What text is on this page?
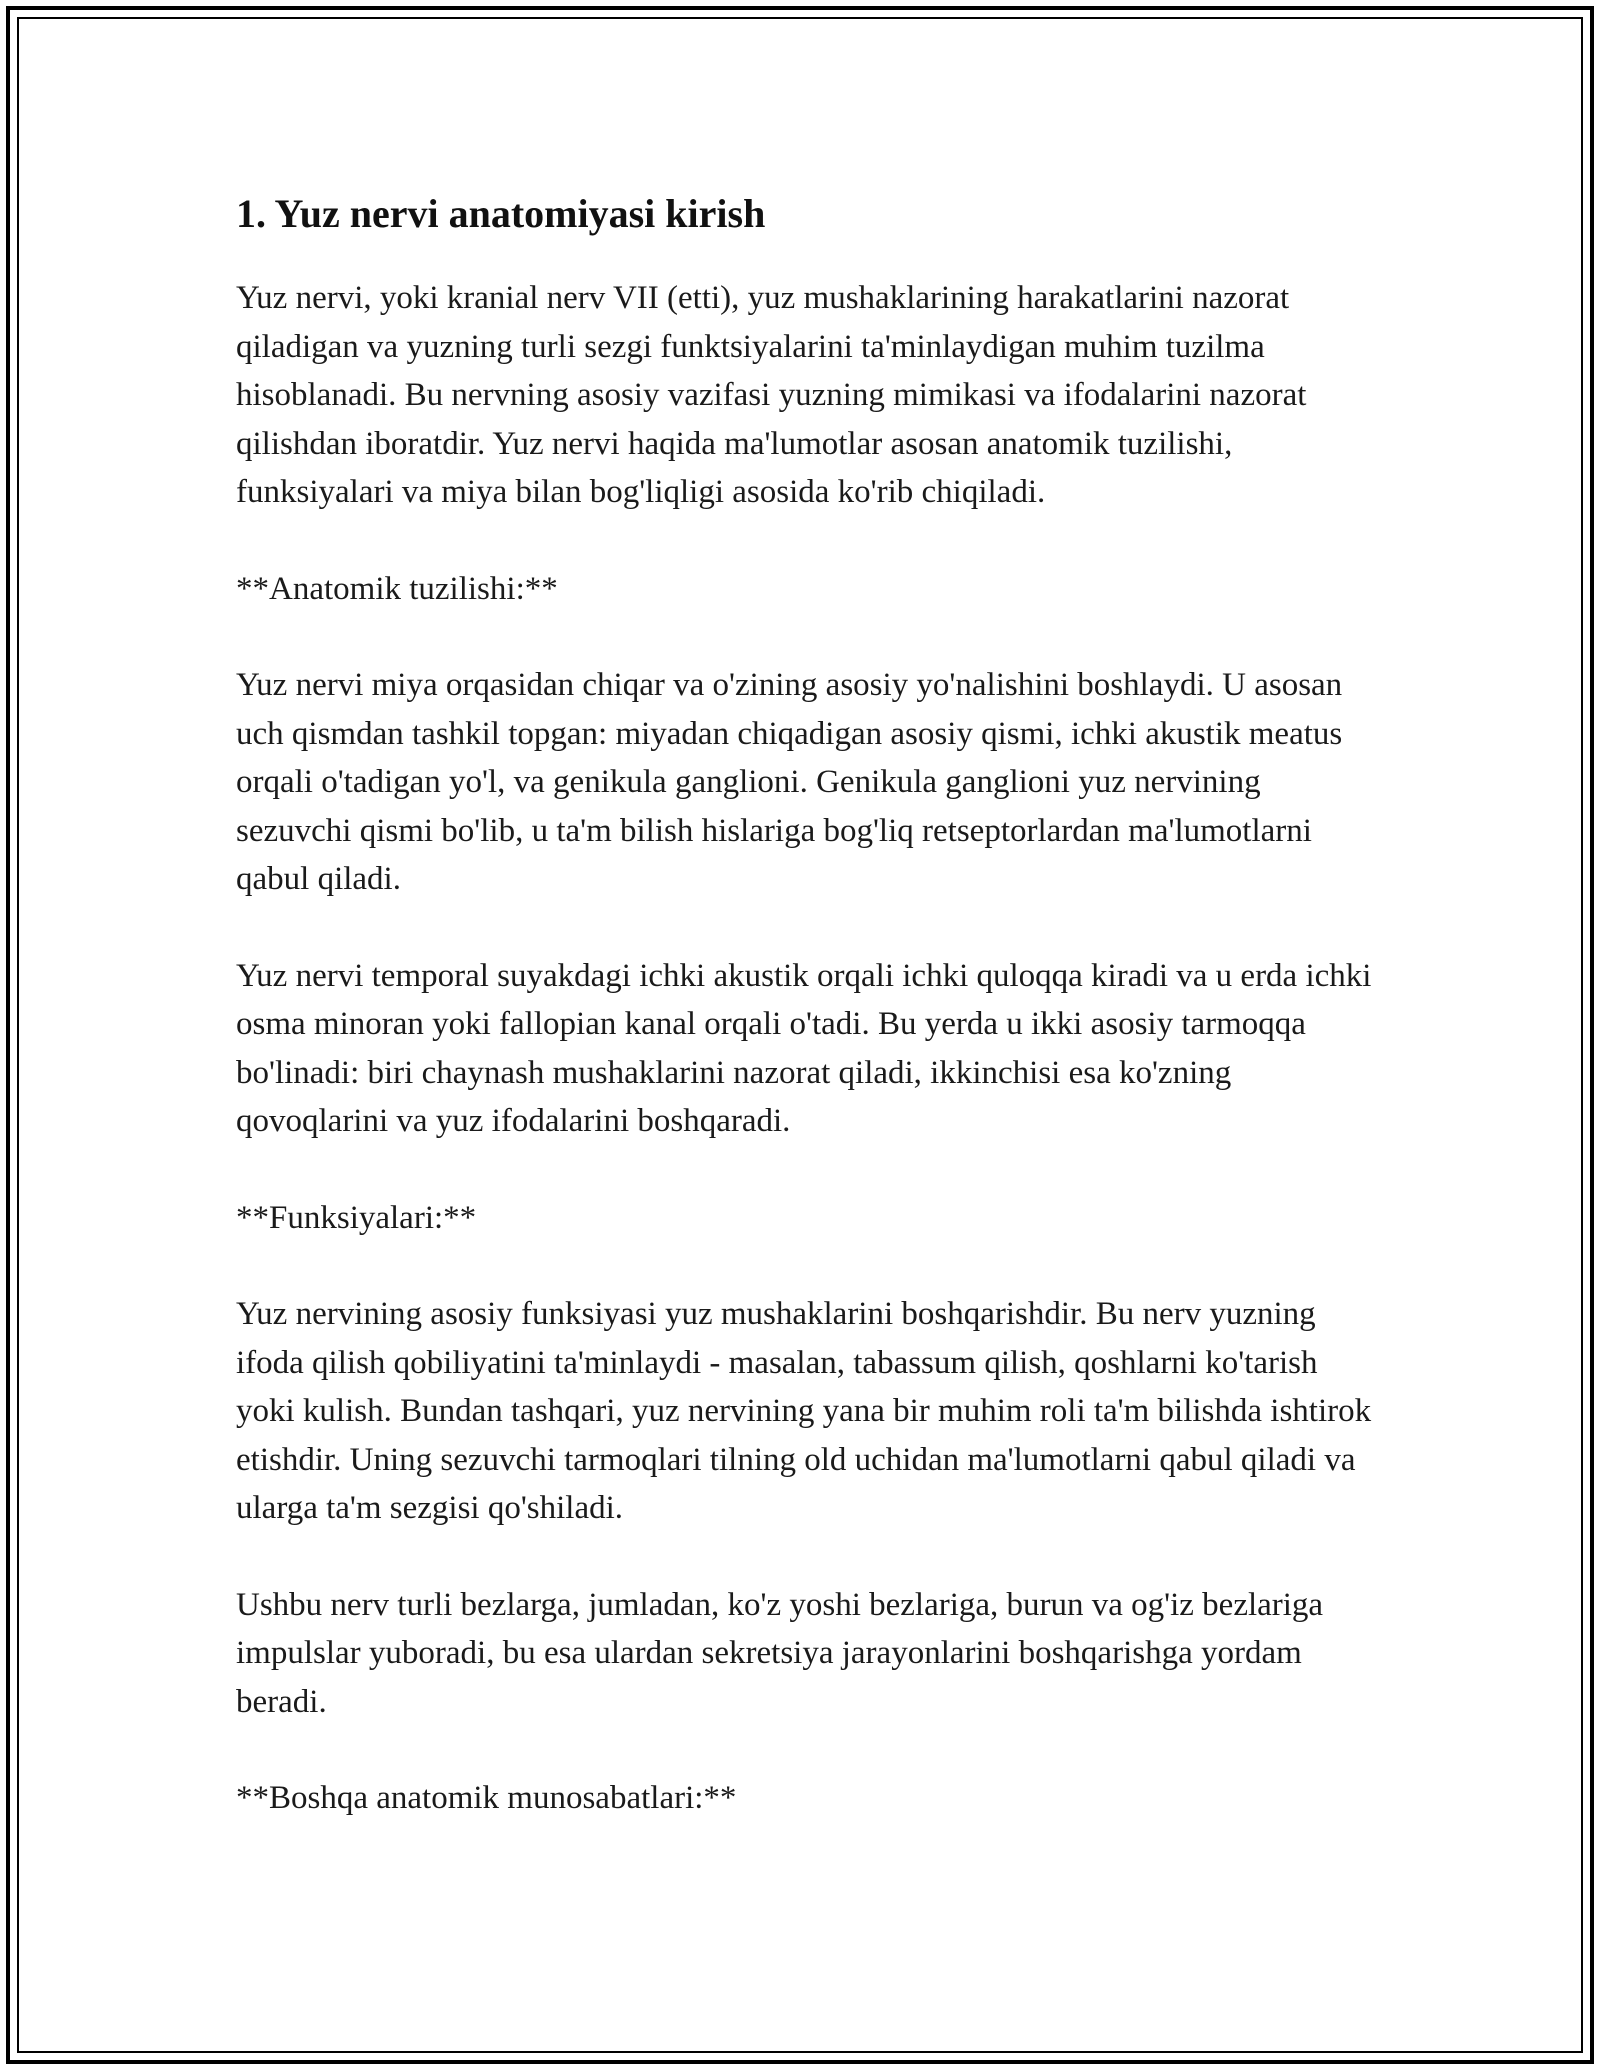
1. Yuz nervi anatomiyasi kirish

Yuz nervi, yoki kranial nerv VII (etti), yuz mushaklarining harakatlarini nazorat qiladigan va yuzning turli sezgi funktsiyalarini ta'minlaydigan muhim tuzilma hisoblanadi. Bu nervning asosiy vazifasi yuzning mimikasi va ifodalarini nazorat qilishdan iboratdir. Yuz nervi haqida ma'lumotlar asosan anatomik tuzilishi, funksiyalari va miya bilan bog'liqligi asosida ko'rib chiqiladi.

**Anatomik tuzilishi:**

Yuz nervi miya orqasidan chiqar va o'zining asosiy yo'nalishini boshlaydi. U asosan uch qismdan tashkil topgan: miyadan chiqadigan asosiy qismi, ichki akustik meatus orqali o'tadigan yo'l, va genikula ganglioni. Genikula ganglioni yuz nervining sezuvchi qismi bo'lib, u ta'm bilish hislariga bog'liq retseptorlardan ma'lumotlarni qabul qiladi.

Yuz nervi temporal suyakdagi ichki akustik orqali ichki quloqqa kiradi va u erda ichki osma minoran yoki fallopian kanal orqali o'tadi. Bu yerda u ikki asosiy tarmoqqa bo'linadi: biri chaynash mushaklarini nazorat qiladi, ikkinchisi esa ko'zning qovoqlarini va yuz ifodalarini boshqaradi.

**Funksiyalari:**

Yuz nervining asosiy funksiyasi yuz mushaklarini boshqarishdir. Bu nerv yuzning ifoda qilish qobiliyatini ta'minlaydi - masalan, tabassum qilish, qoshlarni ko'tarish yoki kulish. Bundan tashqari, yuz nervining yana bir muhim roli ta'm bilishda ishtirok etishdir. Uning sezuvchi tarmoqlari tilning old uchidan ma'lumotlarni qabul qiladi va ularga ta'm sezgisi qo'shiladi.

Ushbu nerv turli bezlarga, jumladan, ko'z yoshi bezlariga, burun va og'iz bezlariga impulslar yuboradi, bu esa ulardan sekretsiya jarayonlarini boshqarishga yordam beradi.

**Boshqa anatomik munosabatlari:**
